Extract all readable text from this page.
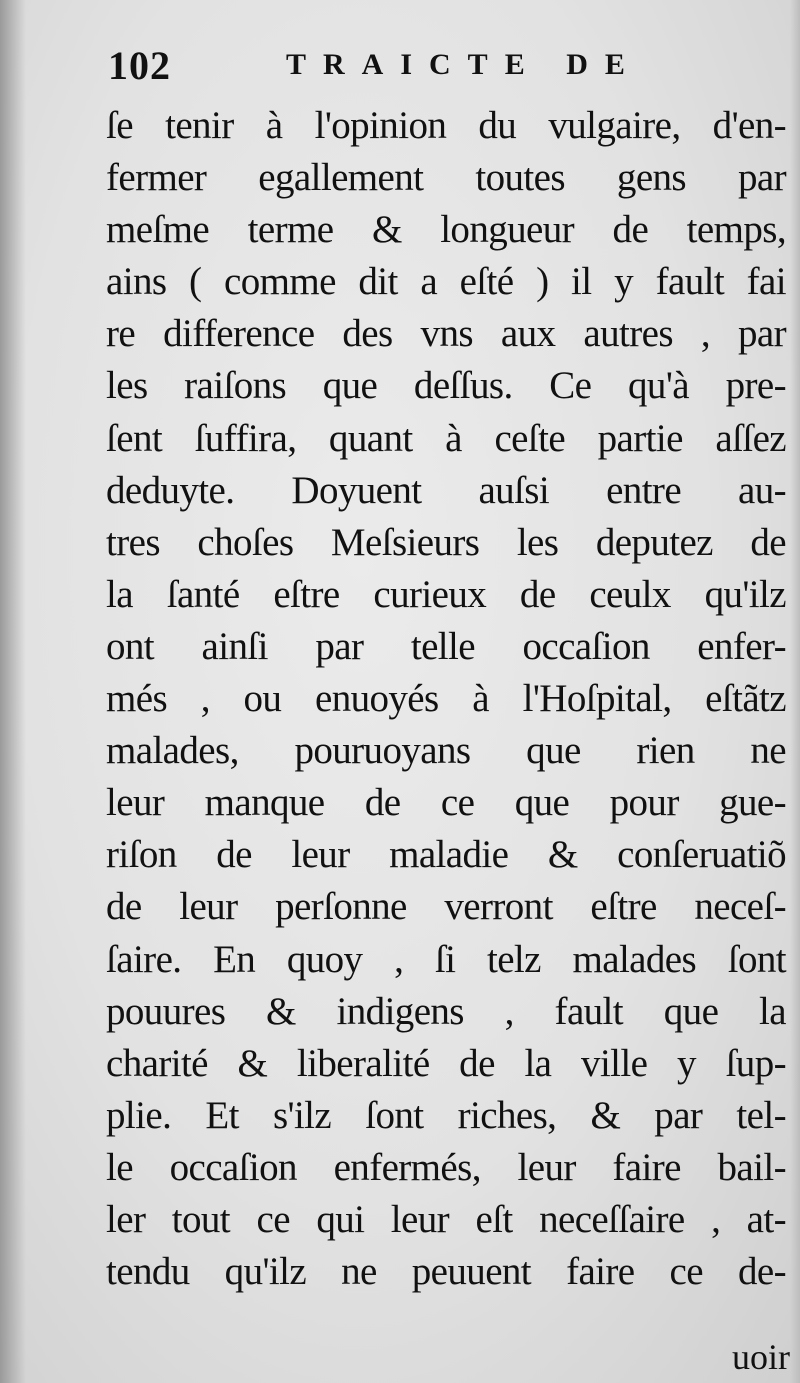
102	TRAICTE DE
ſe tenir à l'opinion du vulgaire, d'en-
fermer egallement toutes gens par
meſme terme & longueur de temps,
ains ( comme dit a eſté ) il y fault fai
re difference des vns aux autres , par
les raiſons que deſſus. Ce qu'à pre-
ſent ſuffira, quant à ceſte partie aſſez
deduyte. Doyuent auſsi entre au-
tres choſes Meſsieurs les deputez de
la ſanté eſtre curieux de ceulx qu'ilz
ont ainſi par telle occaſion enfer-
més , ou enuoyés à l'Hoſpital, eſtãtz
malades, pouruoyans que rien ne
leur manque de ce que pour gue-
riſon de leur maladie & conſeruatiõ
de leur perſonne verront eſtre neceſ-
ſaire. En quoy , ſi telz malades ſont
pouures & indigens , fault que la
charité & liberalité de la ville y ſup-
plie. Et s'ilz ſont riches, & par tel-
le occaſion enfermés, leur faire bail-
ler tout ce qui leur eſt neceſſaire , at-
tendu qu'ilz ne peuuent faire ce de-
uoir
